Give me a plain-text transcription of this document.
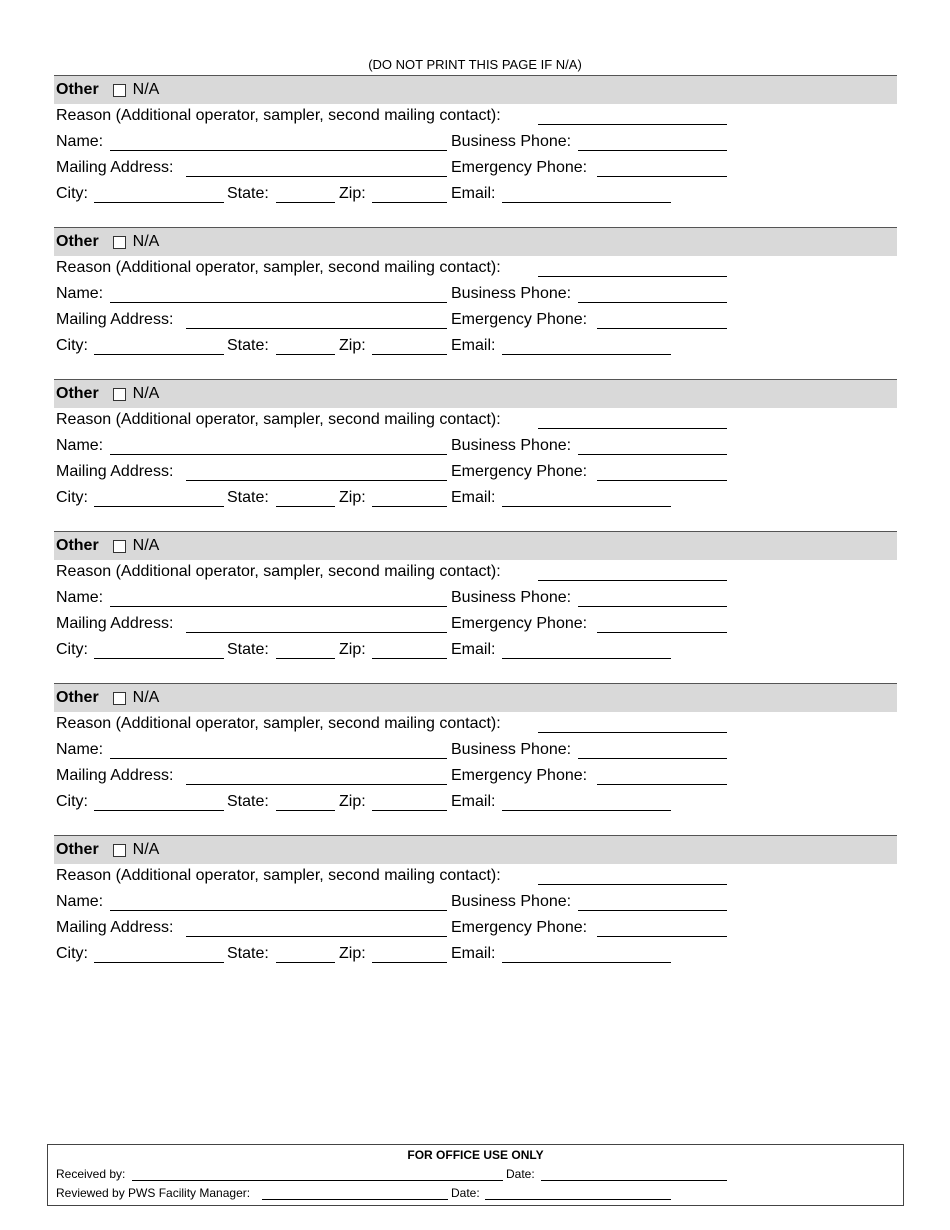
(DO NOT PRINT THIS PAGE IF N/A)
Other N/A
Reason (Additional operator, sampler, second mailing contact):
Name:	Business Phone:
Mailing Address:	Emergency Phone:
City:	State:	Zip:	Email:
Other N/A
Reason (Additional operator, sampler, second mailing contact):
Name:	Business Phone:
Mailing Address:	Emergency Phone:
City:	State:	Zip:	Email:
Other N/A
Reason (Additional operator, sampler, second mailing contact):
Name:	Business Phone:
Mailing Address:	Emergency Phone:
City:	State:	Zip:	Email:
Other N/A
Reason (Additional operator, sampler, second mailing contact):
Name:	Business Phone:
Mailing Address:	Emergency Phone:
City:	State:	Zip:	Email:
Other N/A
Reason (Additional operator, sampler, second mailing contact):
Name:	Business Phone:
Mailing Address:	Emergency Phone:
City:	State:	Zip:	Email:
Other N/A
Reason (Additional operator, sampler, second mailing contact):
Name:	Business Phone:
Mailing Address:	Emergency Phone:
City:	State:	Zip:	Email:
FOR OFFICE USE ONLY
Received by:	Date:
Reviewed by PWS Facility Manager:	Date:
